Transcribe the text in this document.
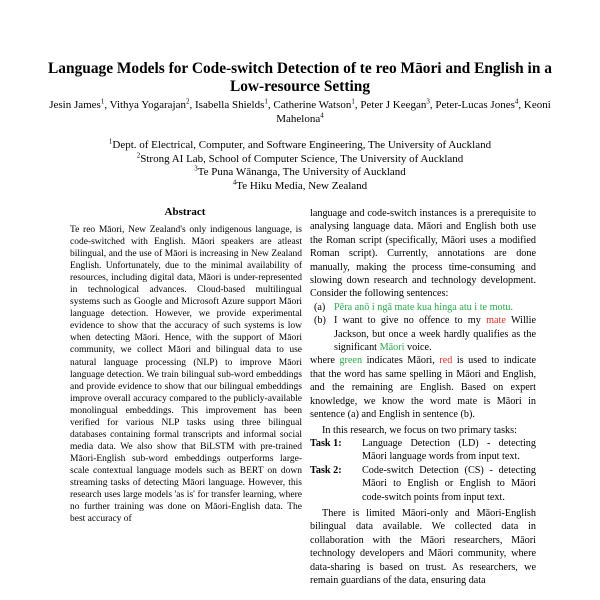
Language Models for Code-switch Detection of te reo Māori and English in a Low-resource Setting
Jesin James$^1$, Vithya Yogarajan$^2$, Isabella Shields$^1$, Catherine Watson$^1$, Peter J Keegan$^3$, Peter-Lucas Jones$^4$, Keoni Mahelona$^4$
$^1$Dept. of Electrical, Computer, and Software Engineering, The University of Auckland
$^2$Strong AI Lab, School of Computer Science, The University of Auckland
$^3$Te Puna Wānanga, The University of Auckland
$^4$Te Hiku Media, New Zealand
Abstract

Te reo Māori, New Zealand's only indigenous language, is code-switched with English. Māori speakers are atleast bilingual, and the use of Māori is increasing in New Zealand English. Unfortunately, due to the minimal availability of resources, including digital data, Māori is under-represented in technological advances. Cloud-based multilingual systems such as Google and Microsoft Azure support Māori language detection. However, we provide experimental evidence to show that the accuracy of such systems is low when detecting Māori. Hence, with the support of Māori community, we collect Māori and bilingual data to use natural language processing (NLP) to improve Māori language detection. We train bilingual sub-word embeddings and provide evidence to show that our bilingual embeddings improve overall accuracy compared to the publicly-available monolingual embeddings. This improvement has been verified for various NLP tasks using three bilingual databases containing formal transcripts and informal social media data. We also show that BiLSTM with pre-trained Māori-English sub-word embeddings outperforms large-scale contextual language models such as BERT on down streaming tasks of detecting Māori language. However, this research uses large models 'as is' for transfer learning, where no further training was done on Māori-English data. The best accuracy of

language and code-switch instances is a prerequisite to analysing language data. Māori and English both use the Roman script (specifically, Māori uses a modified Roman script). Currently, annotations are done manually, making the process time-consuming and slowing down research and technology development. Consider the following sentences:

(a) Pēra anō i ngā mate kua hinga atu i te motu.
(b) I want to give no offence to my mate Willie Jackson, but once a week hardly qualifies as the significant Māori voice.

where green indicates Māori, red is used to indicate that the word has same spelling in Māori and English, and the remaining are English. Based on expert knowledge, we know the word mate is Māori in sentence (a) and English in sentence (b).

In this research, we focus on two primary tasks:

Task 1:	Language Detection (LD) - detecting Māori language words from input text.
Task 2:	Code-switch Detection (CS) - detecting Māori to English or English to Māori code-switch points from input text.

There is limited Māori-only and Māori-English bilingual data available. We collected data in collaboration with the Māori researchers, Māori technology developers and Māori community, where data-sharing is based on trust. As researchers, we remain guardians of the data, ensuring data
